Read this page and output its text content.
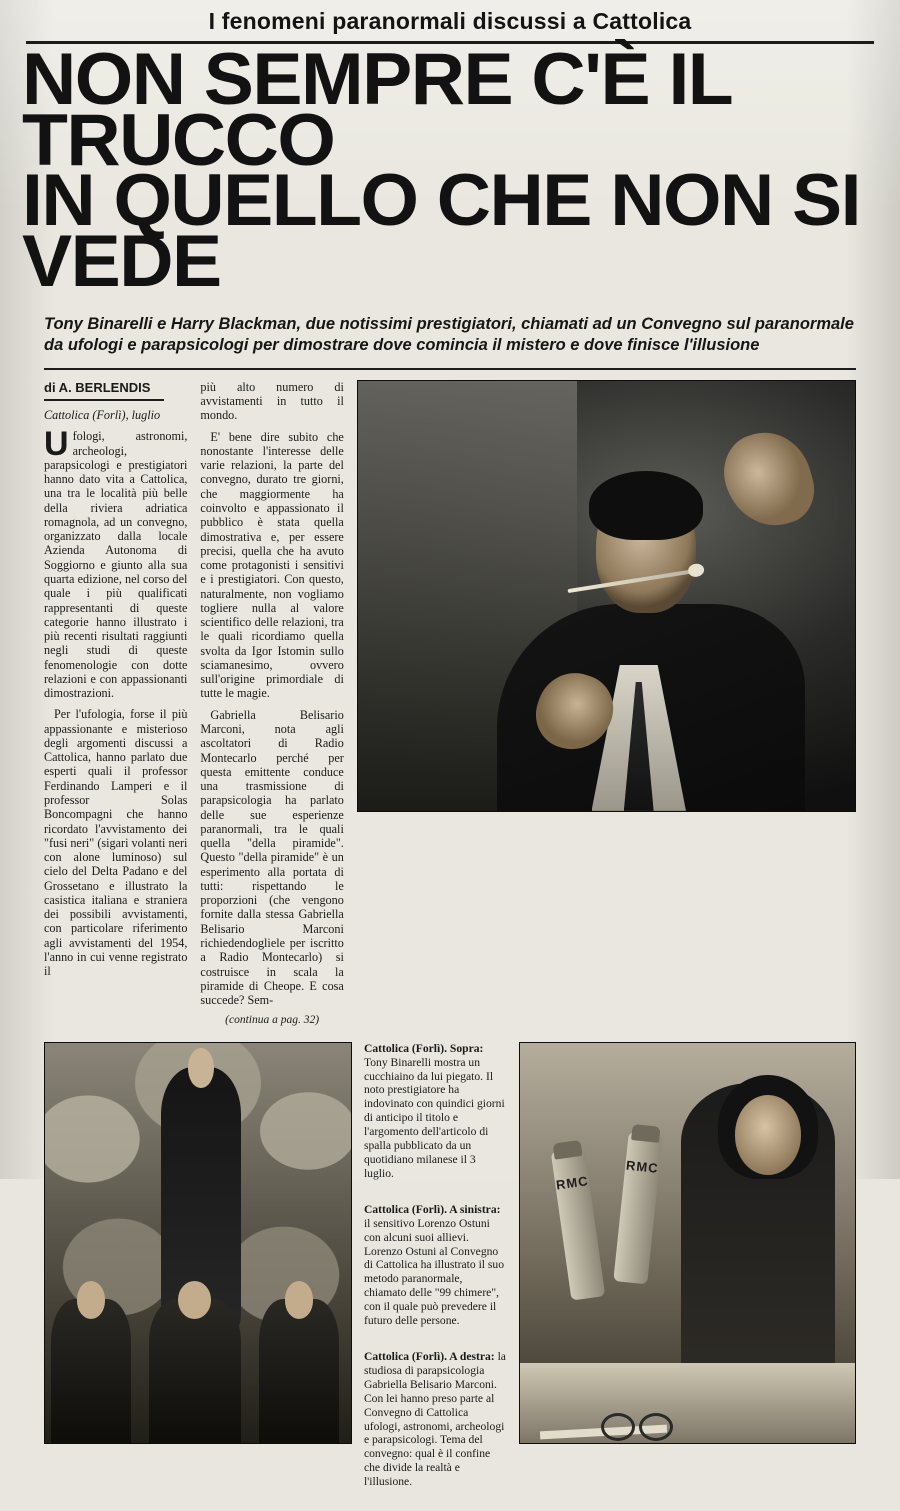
I fenomeni paranormali discussi a Cattolica
NON SEMPRE C'È IL TRUCCO
IN QUELLO CHE NON SI VEDE
Tony Binarelli e Harry Blackman, due notissimi prestigiatori, chiamati ad un Convegno sul paranormale da ufologi e parapsicologi per dimostrare dove comincia il mistero e dove finisce l'illusione
di A. BERLENDIS

Cattolica (Forlì), luglio

Ufologi, astronomi, archeologi, parapsicologi e prestigiatori hanno dato vita a Cattolica, una tra le località più belle della riviera adriatica romagnola, ad un convegno, organizzato dalla locale Azienda Autonoma di Soggiorno e giunto alla sua quarta edizione, nel corso del quale i più qualificati rappresentanti di queste categorie hanno illustrato i più recenti risultati raggiunti negli studi di queste fenomenologie con dotte relazioni e con appassionanti dimostrazioni.

Per l'ufologia, forse il più appassionante e misterioso degli argomenti discussi a Cattolica, hanno parlato due esperti quali il professor Ferdinando Lamperi e il professor Solas Boncompagni che hanno ricordato l'avvistamento dei "fusi neri" (sigari volanti neri con alone luminoso) sul cielo del Delta Padano e del Grossetano e illustrato la casistica italiana e straniera dei possibili avvistamenti, con particolare riferimento agli avvistamenti del 1954, l'anno in cui venne registrato il

più alto numero di avvistamenti in tutto il mondo.

E' bene dire subito che nonostante l'interesse delle varie relazioni, la parte del convegno, durato tre giorni, che maggiormente ha coinvolto e appassionato il pubblico è stata quella dimostrativa e, per essere precisi, quella che ha avuto come protagonisti i sensitivi e i prestigiatori. Con questo, naturalmente, non vogliamo togliere nulla al valore scientifico delle relazioni, tra le quali ricordiamo quella svolta da Igor Istomin sullo sciamanesimo, ovvero sull'origine primordiale di tutte le magie.

Gabriella Belisario Marconi, nota agli ascoltatori di Radio Montecarlo perché per questa emittente conduce una trasmissione di parapsicologia ha parlato delle sue esperienze paranormali, tra le quali quella "della piramide". Questo "della piramide" è un esperimento alla portata di tutti: rispettando le proporzioni (che vengono fornite dalla stessa Gabriella Belisario Marconi richiedendogliele per iscritto a Radio Montecarlo) si costruisce in scala la piramide di Cheope. E cosa succede? Sem-

(continua a pag. 32)

Cattolica (Forlì). Sopra: Tony Binarelli mostra un cucchiaino da lui piegato. Il noto prestigiatore ha indovinato con quindici giorni di anticipo il titolo e l'argomento dell'articolo di spalla pubblicato da un quotidiano milanese il 3 luglio.

Cattolica (Forlì). A sinistra: il sensitivo Lorenzo Ostuni con alcuni suoi allievi. Lorenzo Ostuni al Convegno di Cattolica ha illustrato il suo metodo paranormale, chiamato delle "99 chimere", con il quale può prevedere il futuro delle persone.

Cattolica (Forlì). A destra: la studiosa di parapsicologia Gabriella Belisario Marconi. Con lei hanno preso parte al Convegno di Cattolica ufologi, astronomi, archeologi e parapsicologi. Tema del convegno: qual è il confine che divide la realtà e l'illusione.

RMC
RMC
